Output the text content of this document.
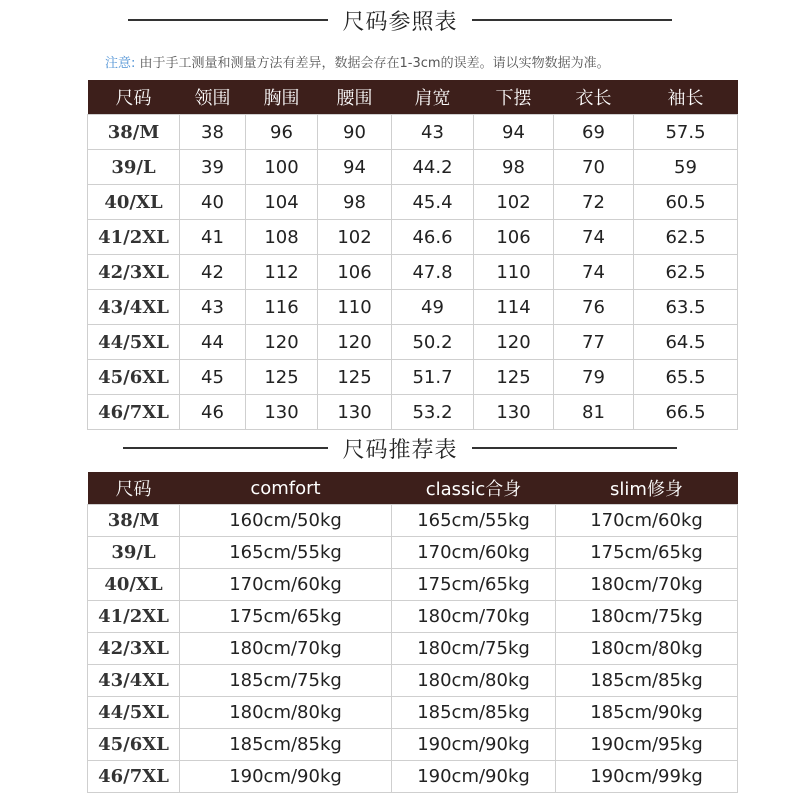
尺码参照表
注意: 由于手工测量和测量方法有差异，数据会存在1-3cm的误差。请以实物数据为准。
尺码	领围	胸围	腰围	肩宽	下摆	衣长	袖长
38/M	38	96	90	43	94	69	57.5
39/L	39	100	94	44.2	98	70	59
40/XL	40	104	98	45.4	102	72	60.5
41/2XL	41	108	102	46.6	106	74	62.5
42/3XL	42	112	106	47.8	110	74	62.5
43/4XL	43	116	110	49	114	76	63.5
44/5XL	44	120	120	50.2	120	77	64.5
45/6XL	45	125	125	51.7	125	79	65.5
46/7XL	46	130	130	53.2	130	81	66.5
尺码推荐表
尺码	comfort	classic合身	slim修身
38/M	160cm/50kg	165cm/55kg	170cm/60kg
39/L	165cm/55kg	170cm/60kg	175cm/65kg
40/XL	170cm/60kg	175cm/65kg	180cm/70kg
41/2XL	175cm/65kg	180cm/70kg	180cm/75kg
42/3XL	180cm/70kg	180cm/75kg	180cm/80kg
43/4XL	185cm/75kg	180cm/80kg	185cm/85kg
44/5XL	180cm/80kg	185cm/85kg	185cm/90kg
45/6XL	185cm/85kg	190cm/90kg	190cm/95kg
46/7XL	190cm/90kg	190cm/90kg	190cm/99kg
